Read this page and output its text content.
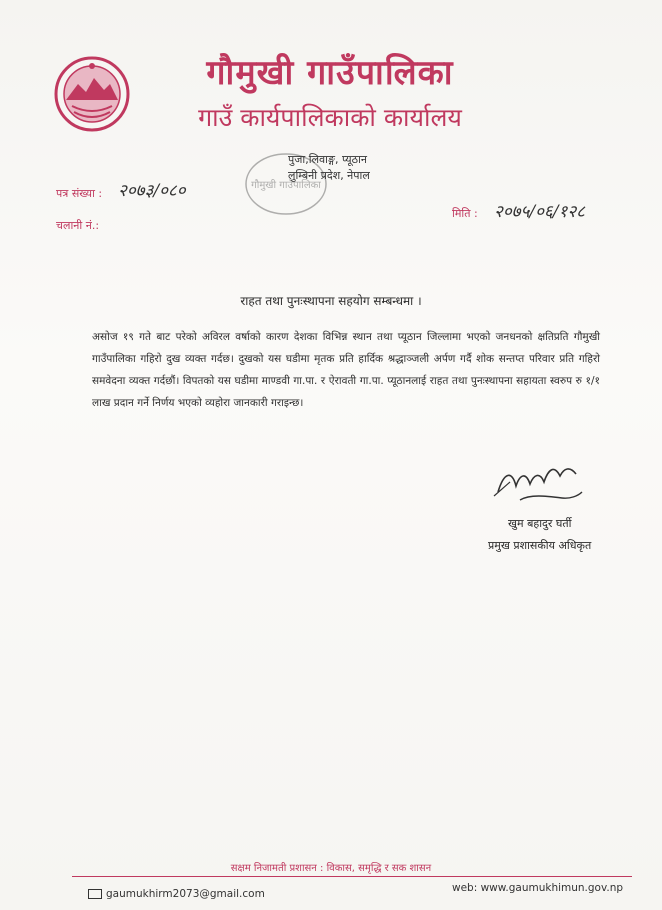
गौमुखी गाउँपालिका
गाउँ कार्यपालिकाको कार्यालय
गौमुखी गाउँपालिका
पुजा,लिवाङ्ग, प्यूठान
लुम्बिनी प्रदेश, नेपाल
पत्र संख्या : २०७३/०८०
चलानी नं.:
मिति : २०७५/०६/१२८
राहत तथा पुनःस्थापना सहयोग सम्बन्धमा ।
असोज १९ गते बाट परेको अविरल वर्षाको कारण देशका विभिन्न स्थान तथा प्यूठान जिल्लामा भएको जनधनको क्षतिप्रति गौमुखी गाउँपालिका गहिरो दुख व्यक्त गर्दछ। दुखको यस घडीमा मृतक प्रति हार्दिक श्रद्धाञ्जली अर्पण गर्दै शोक सन्तप्त परिवार प्रति गहिरो समवेदना व्यक्त गर्दछौं। विपतको यस घडीमा माण्डवी गा.पा. र ऐरावती गा.पा. प्यूठानलाई राहत तथा पुनःस्थापना सहायता स्वरुप रु १/१ लाख प्रदान गर्ने निर्णय भएको व्यहोरा जानकारी गराइन्छ।
खुम बहादुर घर्ती
प्रमुख प्रशासकीय अधिकृत
सक्षम निजामती प्रशासन : विकास, समृद्धि र सक शासन
gaumukhirm2073@gmail.com	web: www.gaumukhimun.gov.np
